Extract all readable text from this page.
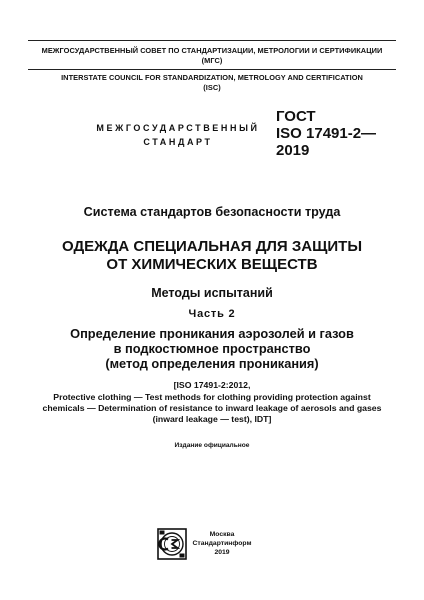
МЕЖГОСУДАРСТВЕННЫЙ СОВЕТ ПО СТАНДАРТИЗАЦИИ, МЕТРОЛОГИИ И СЕРТИФИКАЦИИ

(МГС)

INTERSTATE COUNCIL FOR STANDARDIZATION, METROLOGY AND CERTIFICATION

(ISC)

МЕЖГОСУДАРСТВЕННЫЙ
СТАНДАРТ
ГОСТ
ISO 17491-2—
2019

Система стандартов безопасности труда

ОДЕЖДА СПЕЦИАЛЬНАЯ ДЛЯ ЗАЩИТЫ

ОТ ХИМИЧЕСКИХ ВЕЩЕСТВ

Методы испытаний

Часть 2

Определение проникания аэрозолей и газов

в подкостюмное пространство

(метод определения проникания)

[ISO 17491-2:2012,

Protective clothing — Test methods for clothing providing protection against

chemicals — Determination of resistance to inward leakage of aerosols and gases

(inward leakage — test), IDT]

Издание официальное

Москва
Стандартинформ
2019
